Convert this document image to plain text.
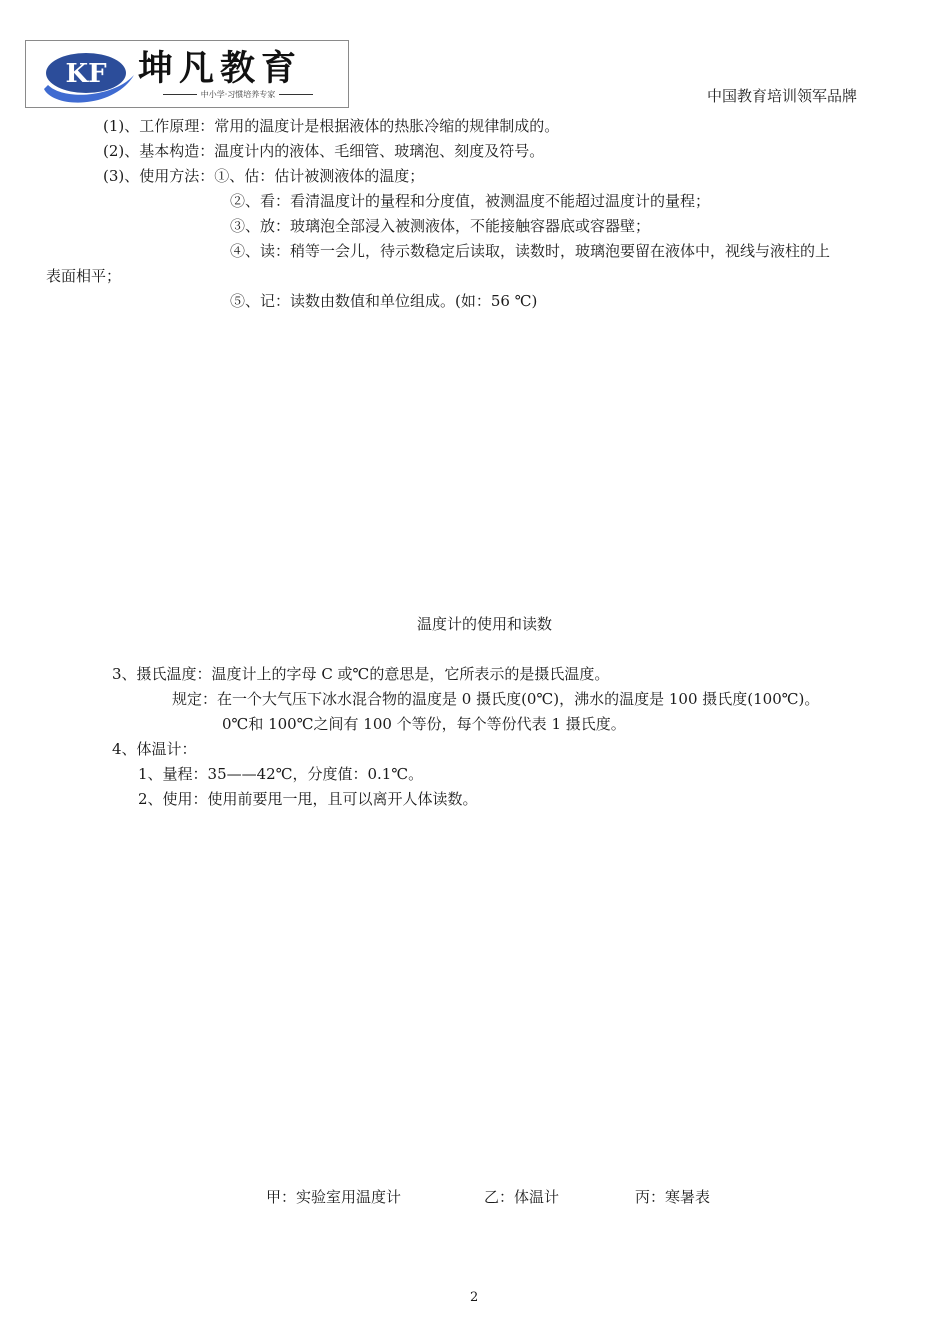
KF 坤凡教育
中小学·习惯培养专家	中国教育培训领军品牌
(1)、工作原理：常用的温度计是根据液体的热胀冷缩的规律制成的。
(2)、基本构造：温度计内的液体、毛细管、玻璃泡、刻度及符号。
(3)、使用方法：①、估：估计被测液体的温度；
②、看：看清温度计的量程和分度值，被测温度不能超过温度计的量程；
③、放：玻璃泡全部浸入被测液体，不能接触容器底或容器壁；
④、读：稍等一会儿，待示数稳定后读取，读数时，玻璃泡要留在液体中，视线与液柱的上
表面相平；
⑤、记：读数由数值和单位组成。(如：56 ℃)
温度计的使用和读数
3、摄氏温度：温度计上的字母 C 或℃的意思是，它所表示的是摄氏温度。
规定：在一个大气压下冰水混合物的温度是 0 摄氏度(0℃)，沸水的温度是 100 摄氏度(100℃)。
0℃和 100℃之间有 100 个等份，每个等份代表 1 摄氏度。
4、体温计：
1、量程：35——42℃，分度值：0.1℃。
2、使用：使用前要甩一甩，且可以离开人体读数。
甲：实验室用温度计	乙：体温计	丙：寒暑表
2
